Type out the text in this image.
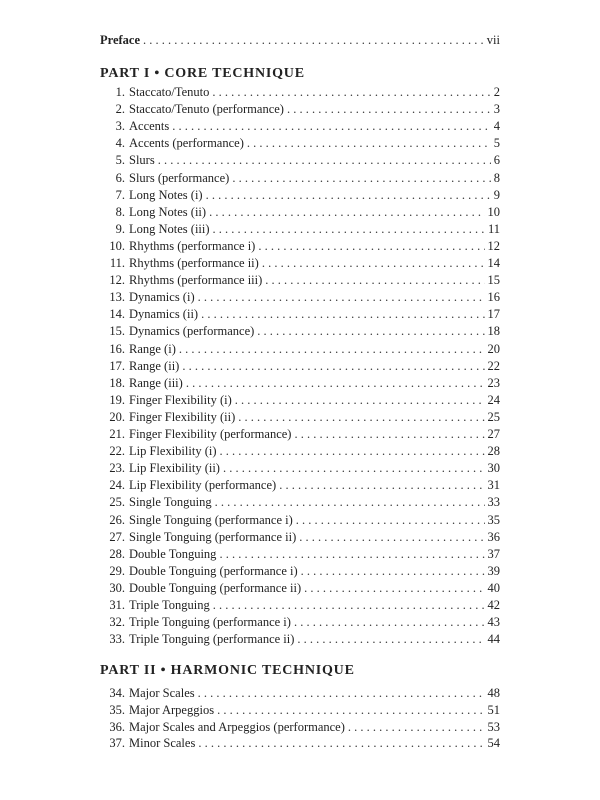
Preface . . .	vii
PART I • CORE TECHNIQUE
1. Staccato/Tenuto . . .	2
2. Staccato/Tenuto (performance) . . .	3
3. Accents . . .	4
4. Accents (performance) . . .	5
5. Slurs . . .	6
6. Slurs (performance) . . .	8
7. Long Notes (i) . . .	9
8. Long Notes (ii) . . .	10
9. Long Notes (iii) . . .	11
10. Rhythms (performance i) . . .	12
11. Rhythms (performance ii) . . .	14
12. Rhythms (performance iii) . . .	15
13. Dynamics (i) . . .	16
14. Dynamics (ii) . . .	17
15. Dynamics (performance) . . .	18
16. Range (i) . . .	20
17. Range (ii) . . .	22
18. Range (iii) . . .	23
19. Finger Flexibility (i) . . .	24
20. Finger Flexibility (ii) . . .	25
21. Finger Flexibility (performance) . . .	27
22. Lip Flexibility (i) . . .	28
23. Lip Flexibility (ii) . . .	30
24. Lip Flexibility (performance) . . .	31
25. Single Tonguing . . .	33
26. Single Tonguing (performance i) . . .	35
27. Single Tonguing (performance ii) . . .	36
28. Double Tonguing . . .	37
29. Double Tonguing (performance i) . . .	39
30. Double Tonguing (performance ii) . . .	40
31. Triple Tonguing . . .	42
32. Triple Tonguing (performance i) . . .	43
33. Triple Tonguing (performance ii) . . .	44
PART II • HARMONIC TECHNIQUE
34. Major Scales . . .	48
35. Major Arpeggios . . .	51
36. Major Scales and Arpeggios (performance) . . .	53
37. Minor Scales . . .	54
